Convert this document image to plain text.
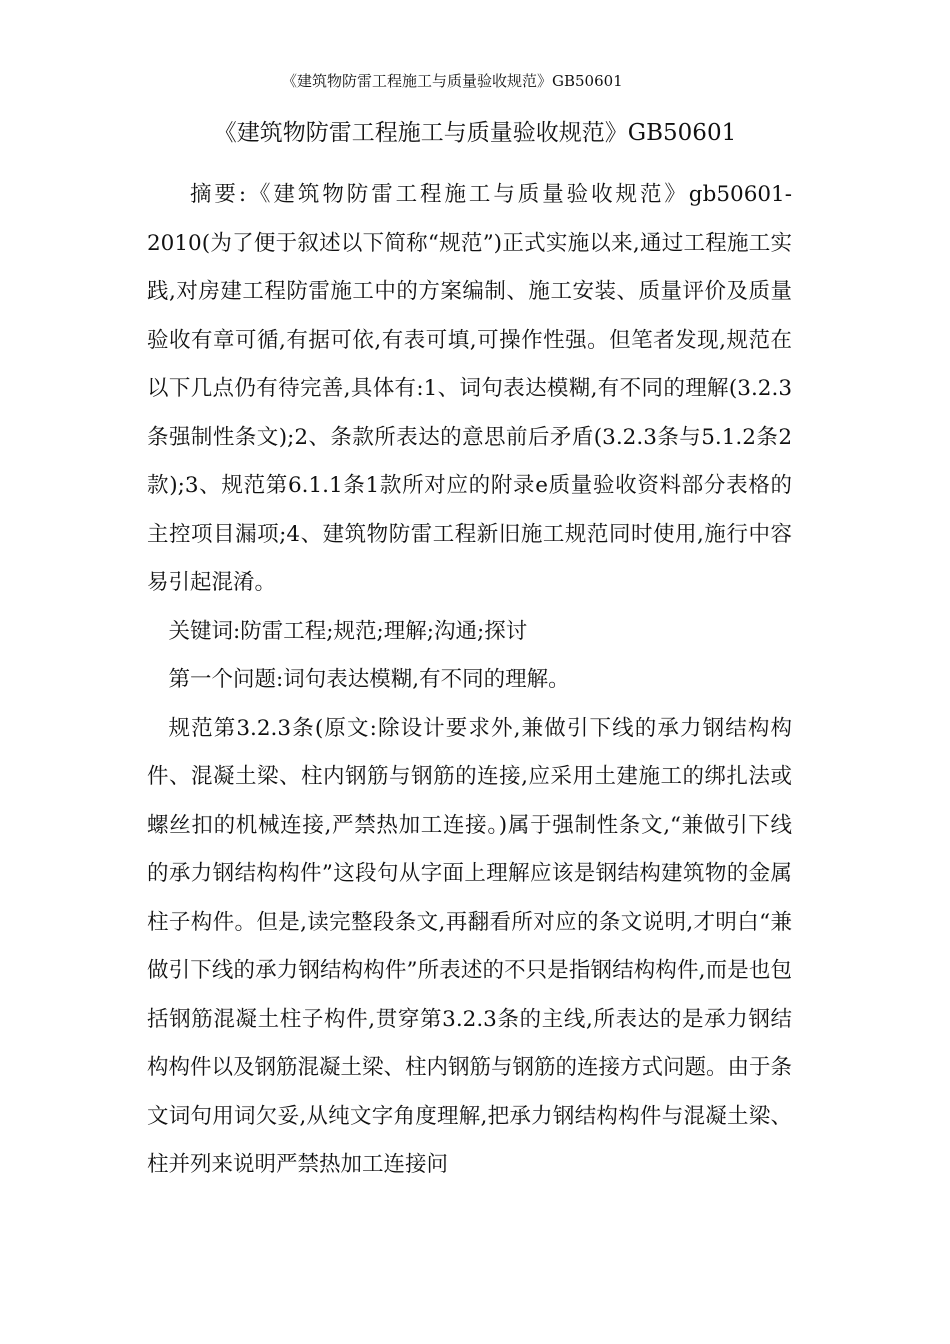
《建筑物防雷工程施工与质量验收规范》GB50601
《建筑物防雷工程施工与质量验收规范》GB50601

摘要:《建筑物防雷工程施工与质量验收规范》gb50601-2010(为了便于叙述以下简称“规范”)正式实施以来,通过工程施工实践,对房建工程防雷施工中的方案编制、施工安装、质量评价及质量验收有章可循,有据可依,有表可填,可操作性强。但笔者发现,规范在以下几点仍有待完善,具体有:1、词句表达模糊,有不同的理解(3.2.3条强制性条文);2、条款所表达的意思前后矛盾(3.2.3条与5.1.2条2款);3、规范第6.1.1条1款所对应的附录e质量验收资料部分表格的主控项目漏项;4、建筑物防雷工程新旧施工规范同时使用,施行中容易引起混淆。

关键词:防雷工程;规范;理解;沟通;探讨

第一个问题:词句表达模糊,有不同的理解。

规范第3.2.3条(原文:除设计要求外,兼做引下线的承力钢结构构件、混凝土梁、柱内钢筋与钢筋的连接,应采用土建施工的绑扎法或螺丝扣的机械连接,严禁热加工连接。)属于强制性条文,“兼做引下线的承力钢结构构件”这段句从字面上理解应该是钢结构建筑物的金属柱子构件。但是,读完整段条文,再翻看所对应的条文说明,才明白“兼做引下线的承力钢结构构件”所表述的不只是指钢结构构件,而是也包括钢筋混凝土柱子构件,贯穿第3.2.3条的主线,所表达的是承力钢结构构件以及钢筋混凝土梁、柱内钢筋与钢筋的连接方式问题。由于条文词句用词欠妥,从纯文字角度理解,把承力钢结构构件与混凝土梁、柱并列来说明严禁热加工连接问
